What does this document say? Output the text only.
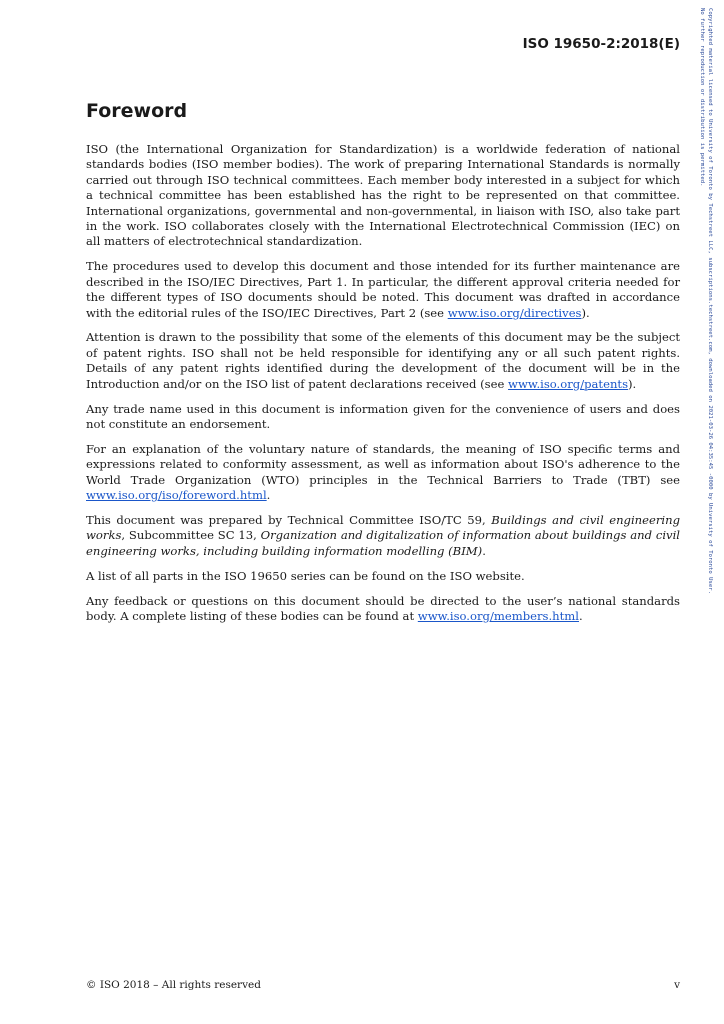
ISO 19650-2:2018(E)
Foreword

ISO (the International Organization for Standardization) is a worldwide federation of national standards bodies (ISO member bodies). The work of preparing International Standards is normally carried out through ISO technical committees. Each member body interested in a subject for which a technical committee has been established has the right to be represented on that committee. International organizations, governmental and non-governmental, in liaison with ISO, also take part in the work. ISO collaborates closely with the International Electrotechnical Commission (IEC) on all matters of electrotechnical standardization.

The procedures used to develop this document and those intended for its further maintenance are described in the ISO/IEC Directives, Part 1. In particular, the different approval criteria needed for the different types of ISO documents should be noted. This document was drafted in accordance with the editorial rules of the ISO/IEC Directives, Part 2 (see www.iso.org/directives).

Attention is drawn to the possibility that some of the elements of this document may be the subject of patent rights. ISO shall not be held responsible for identifying any or all such patent rights. Details of any patent rights identified during the development of the document will be in the Introduction and/or on the ISO list of patent declarations received (see www.iso.org/patents).

Any trade name used in this document is information given for the convenience of users and does not constitute an endorsement.

For an explanation of the voluntary nature of standards, the meaning of ISO specific terms and expressions related to conformity assessment, as well as information about ISO's adherence to the World Trade Organization (WTO) principles in the Technical Barriers to Trade (TBT) see www.iso.org/iso/foreword.html.

This document was prepared by Technical Committee ISO/TC 59, Buildings and civil engineering works, Subcommittee SC 13, Organization and digitalization of information about buildings and civil engineering works, including building information modelling (BIM).

A list of all parts in the ISO 19650 series can be found on the ISO website.

Any feedback or questions on this document should be directed to the user’s national standards body. A complete listing of these bodies can be found at www.iso.org/members.html.

© ISO 2018 – All rights reserved	v
Copyrighted material licensed to University of Toronto by Techstreet LLC, subscriptions.techstreet.com, downloaded on 2021-03-26 04:35:45 -0000 by University of Toronto User.
No further reproduction or distribution is permitted.
